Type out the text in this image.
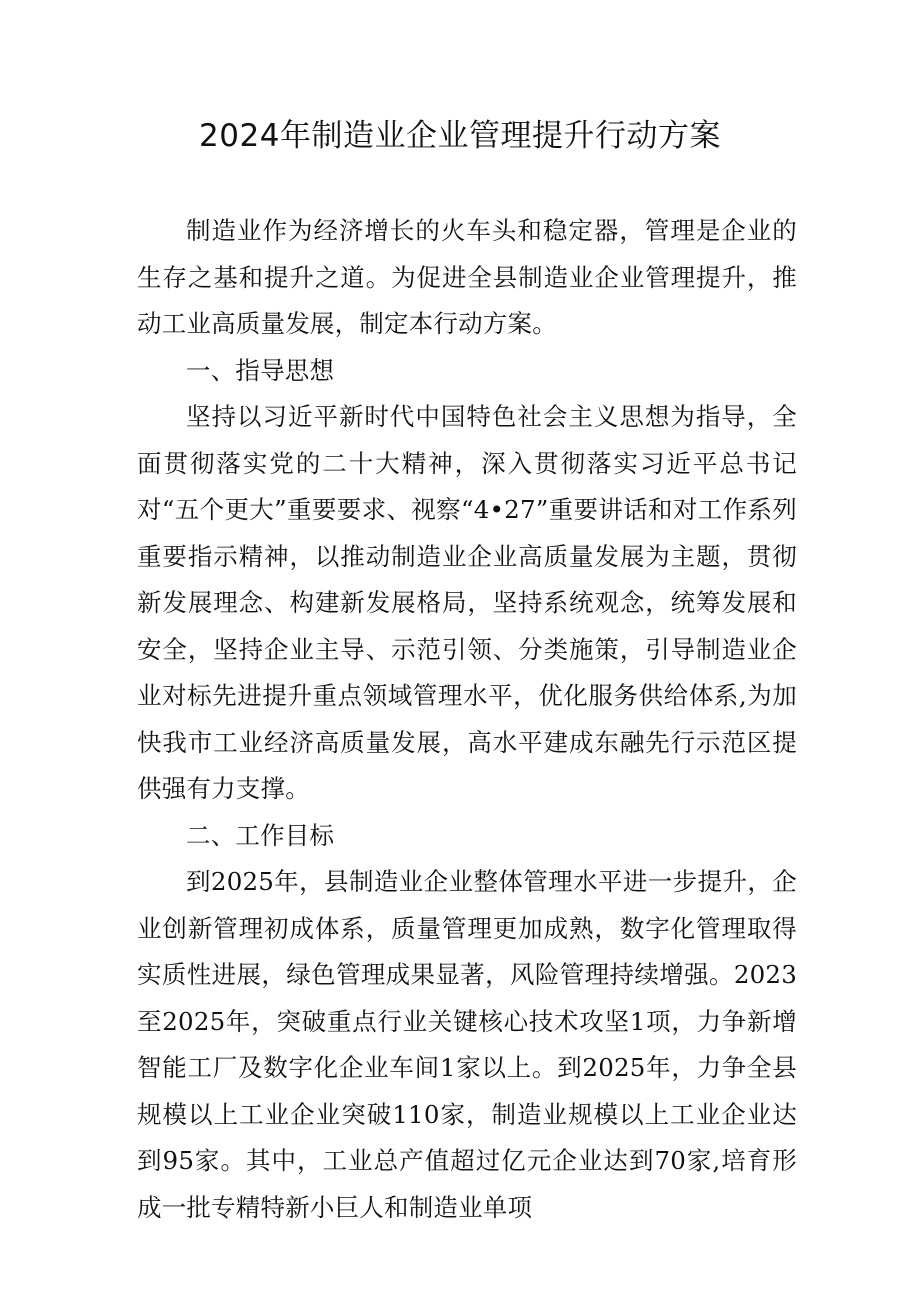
2024年制造业企业管理提升行动方案

制造业作为经济增长的火车头和稳定器，管理是企业的生存之基和提升之道。为促进全县制造业企业管理提升，推动工业高质量发展，制定本行动方案。

一、指导思想

坚持以习近平新时代中国特色社会主义思想为指导，全面贯彻落实党的二十大精神，深入贯彻落实习近平总书记对“五个更大”重要要求、视察“4•27”重要讲话和对工作系列重要指示精神，以推动制造业企业高质量发展为主题，贯彻新发展理念、构建新发展格局，坚持系统观念，统筹发展和安全，坚持企业主导、示范引领、分类施策，引导制造业企业对标先进提升重点领域管理水平，优化服务供给体系,为加快我市工业经济高质量发展，高水平建成东融先行示范区提供强有力支撑。

二、工作目标

到2025年，县制造业企业整体管理水平进一步提升，企业创新管理初成体系，质量管理更加成熟，数字化管理取得实质性进展，绿色管理成果显著，风险管理持续增强。2023至2025年，突破重点行业关键核心技术攻坚1项，力争新增智能工厂及数字化企业车间1家以上。到2025年，力争全县规模以上工业企业突破110家，制造业规模以上工业企业达到95家。其中，工业总产值超过亿元企业达到70家,培育形成一批专精特新小巨人和制造业单项
